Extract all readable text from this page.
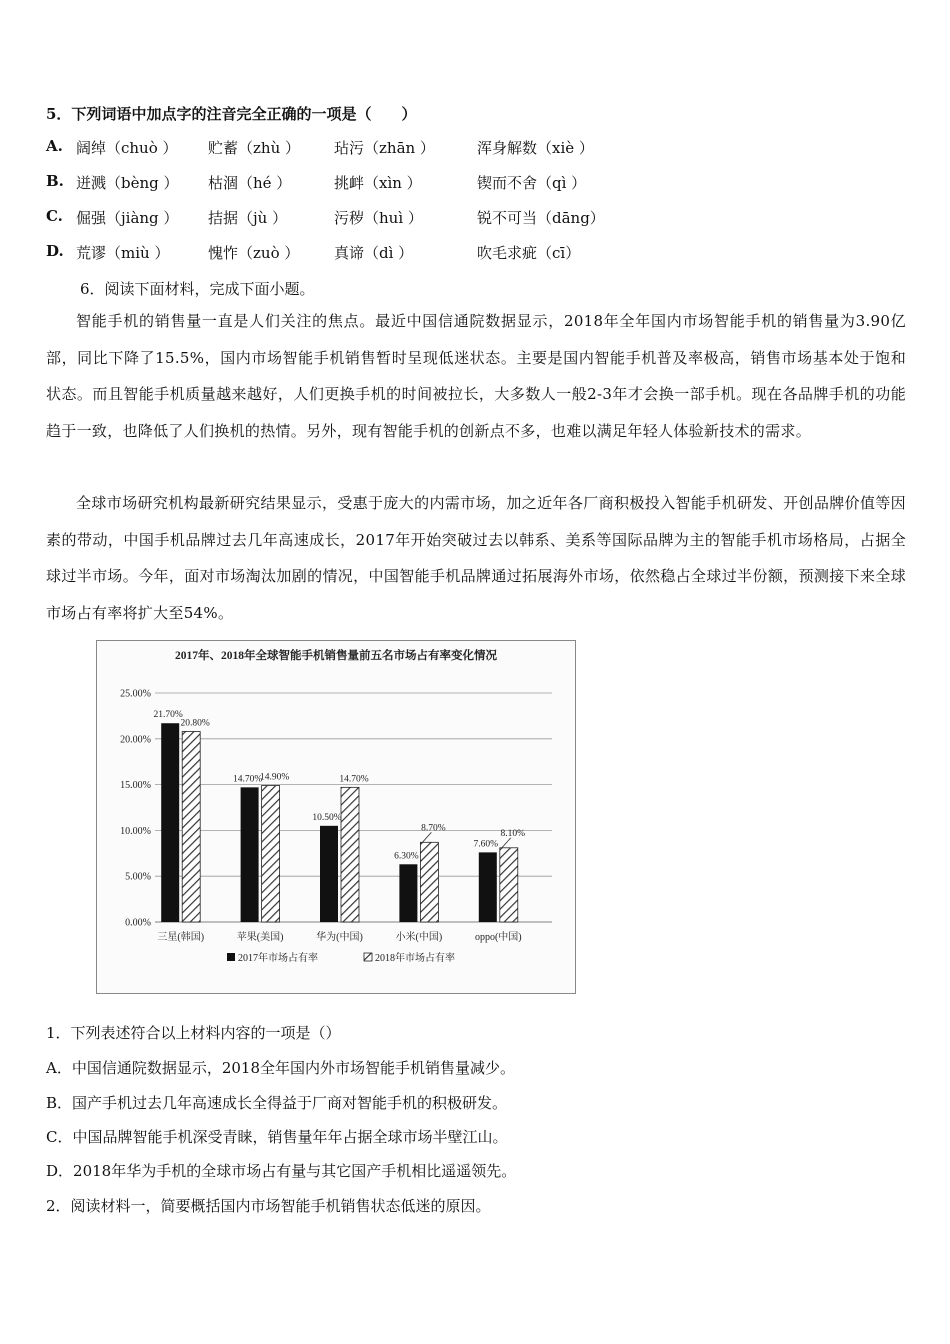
5．下列词语中加点字的注音完全正确的一项是（　　）
A. 阔绰（chuò ） 贮蓄（zhù ） 玷污（zhān ）	浑身解数（xiè ）
B. 迸溅（bèng ） 枯涸（hé ）	挑衅（xìn ）	锲而不舍（qì ）
C. 倔强（jiàng ） 拮据（jù ）	污秽（huì ）	锐不可当（dāng）
D. 荒谬（miù ）	愧怍（zuò ） 真谛（dì ）	吹毛求疵（cī）
6．阅读下面材料，完成下面小题。
智能手机的销售量一直是人们关注的焦点。最近中国信通院数据显示，2018年全年国内市场智能手机的销售量为3.90亿部，同比下降了15.5%，国内市场智能手机销售暂时呈现低迷状态。主要是国内智能手机普及率极高，销售市场基本处于饱和状态。而且智能手机质量越来越好，人们更换手机的时间被拉长，大多数人一般2-3年才会换一部手机。现在各品牌手机的功能趋于一致，也降低了人们换机的热情。另外，现有智能手机的创新点不多，也难以满足年轻人体验新技术的需求。
全球市场研究机构最新研究结果显示，受惠于庞大的内需市场，加之近年各厂商积极投入智能手机研发、开创品牌价值等因素的带动，中国手机品牌过去几年高速成长，2017年开始突破过去以韩系、美系等国际品牌为主的智能手机市场格局，占据全球过半市场。今年，面对市场淘汰加剧的情况，中国智能手机品牌通过拓展海外市场，依然稳占全球过半份额，预测接下来全球市场占有率将扩大至54%。
2017年、2018年全球智能手机销售量前五名市场占有率变化情况
25.00%
20.00%
15.00%
10.00%
5.00%
0.00%
21.70%
20.80%
14.70%
14.90%
10.50%
14.70%
6.30%
8.70%
7.60%
8.10%
三星(韩国)	苹果(美国)	华为(中国)	小米(中国)	oppo(中国)
2017年市场占有率	2018年市场占有率
1．下列表述符合以上材料内容的一项是（）
A．中国信通院数据显示，2018全年国内外市场智能手机销售量减少。
B．国产手机过去几年高速成长全得益于厂商对智能手机的积极研发。
C．中国品牌智能手机深受青睐，销售量年年占据全球市场半壁江山。
D．2018年华为手机的全球市场占有量与其它国产手机相比遥遥领先。
2．阅读材料一，简要概括国内市场智能手机销售状态低迷的原因。
